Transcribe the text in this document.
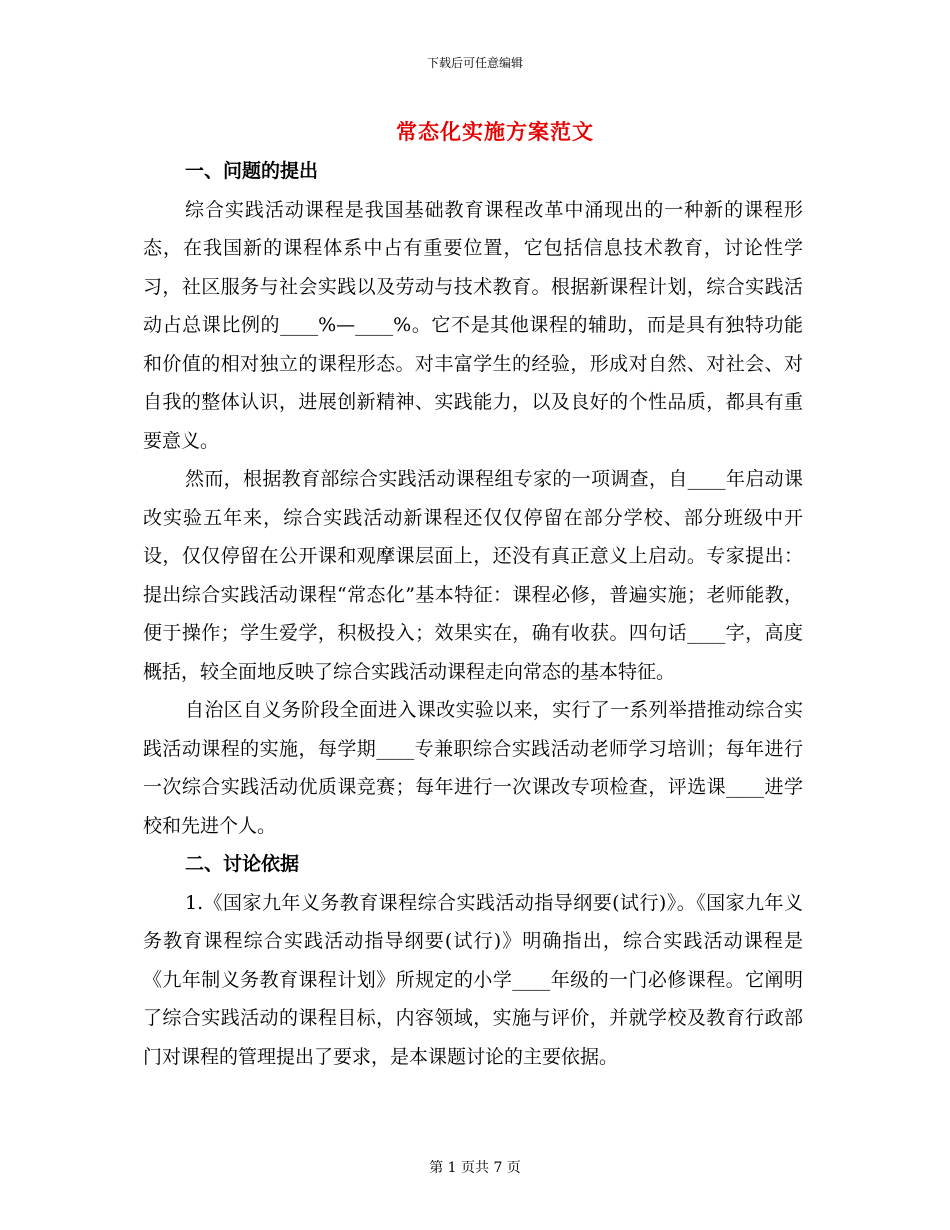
下载后可任意编辑
常态化实施方案范文

一、问题的提出

综合实践活动课程是我国基础教育课程改革中涌现出的一种新的课程形态，在我国新的课程体系中占有重要位置，它包括信息技术教育，讨论性学习，社区服务与社会实践以及劳动与技术教育。根据新课程计划，综合实践活动占总课比例的____%—____%。它不是其他课程的辅助，而是具有独特功能和价值的相对独立的课程形态。对丰富学生的经验，形成对自然、对社会、对自我的整体认识，进展创新精神、实践能力，以及良好的个性品质，都具有重要意义。

然而，根据教育部综合实践活动课程组专家的一项调查，自____年启动课改实验五年来，综合实践活动新课程还仅仅停留在部分学校、部分班级中开设，仅仅停留在公开课和观摩课层面上，还没有真正意义上启动。专家提出：提出综合实践活动课程“常态化”基本特征：课程必修，普遍实施；老师能教，便于操作；学生爱学，积极投入；效果实在，确有收获。四句话____字，高度概括，较全面地反映了综合实践活动课程走向常态的基本特征。

自治区自义务阶段全面进入课改实验以来，实行了一系列举措推动综合实践活动课程的实施，每学期____专兼职综合实践活动老师学习培训；每年进行一次综合实践活动优质课竞赛；每年进行一次课改专项检查，评选课____进学校和先进个人。

二、讨论依据

1.《国家九年义务教育课程综合实践活动指导纲要(试行)》。《国家九年义务教育课程综合实践活动指导纲要(试行)》明确指出，综合实践活动课程是《九年制义务教育课程计划》所规定的小学____年级的一门必修课程。它阐明了综合实践活动的课程目标，内容领域，实施与评价，并就学校及教育行政部门对课程的管理提出了要求，是本课题讨论的主要依据。

第 1 页共 7 页
